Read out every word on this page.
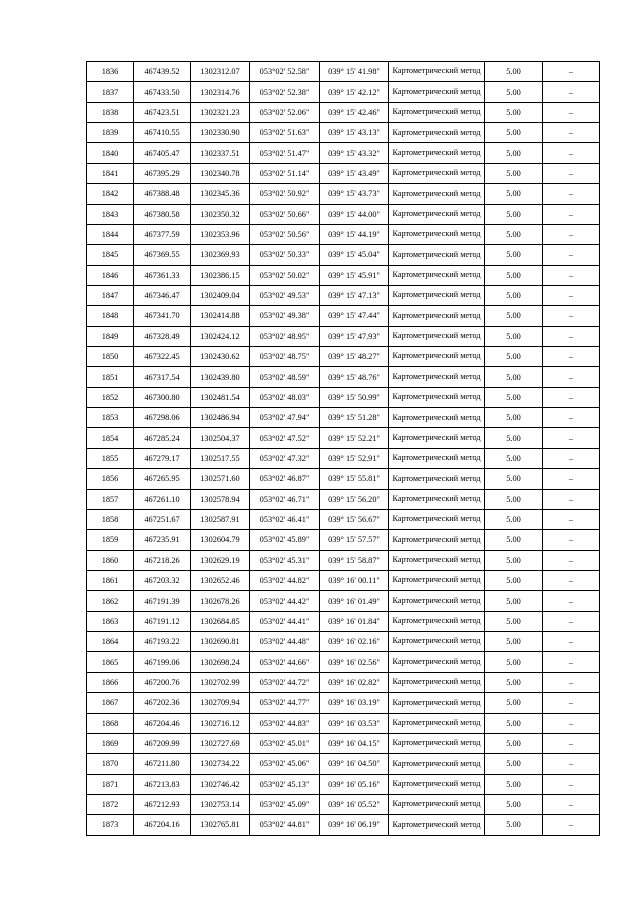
1836	467439.52	1302312.07	053°02' 52.58"	039° 15' 41.98"	Картометрический метод	5.00	–
1837	467433.50	1302314.76	053°02' 52.38"	039° 15' 42.12"	Картометрический метод	5.00	–
1838	467423.51	1302321.23	053°02' 52.06"	039° 15' 42.46"	Картометрический метод	5.00	–
1839	467410.55	1302330.90	053°02' 51.63"	039° 15' 43.13"	Картометрический метод	5.00	–
1840	467405.47	1302337.51	053°02' 51.47"	039° 15' 43.32"	Картометрический метод	5.00	–
1841	467395.29	1302340.78	053°02' 51.14"	039° 15' 43.49"	Картометрический метод	5.00	–
1842	467388.48	1302345.36	053°02' 50.92"	039° 15' 43.73"	Картометрический метод	5.00	–
1843	467380.58	1302350.32	053°02' 50.66"	039° 15' 44.00"	Картометрический метод	5.00	–
1844	467377.59	1302353.96	053°02' 50.56"	039° 15' 44.19"	Картометрический метод	5.00	–
1845	467369.55	1302369.93	053°02' 50.33"	039° 15' 45.04"	Картометрический метод	5.00	–
1846	467361.33	1302386.15	053°02' 50.02"	039° 15' 45.91"	Картометрический метод	5.00	–
1847	467346.47	1302409.04	053°02' 49.53"	039° 15' 47.13"	Картометрический метод	5.00	–
1848	467341.70	1302414.88	053°02' 49.38"	039° 15' 47.44"	Картометрический метод	5.00	–
1849	467328.49	1302424.12	053°02' 48.95"	039° 15' 47.93"	Картометрический метод	5.00	–
1850	467322.45	1302430.62	053°02' 48.75"	039° 15' 48.27"	Картометрический метод	5.00	–
1851	467317.54	1302439.80	053°02' 48.59"	039° 15' 48.76"	Картометрический метод	5.00	–
1852	467300.80	1302481.54	053°02' 48.03"	039° 15' 50.99"	Картометрический метод	5.00	–
1853	467298.06	1302486.94	053°02' 47.94"	039° 15' 51.28"	Картометрический метод	5.00	–
1854	467285.24	1302504.37	053°02' 47.52"	039° 15' 52.21"	Картометрический метод	5.00	–
1855	467279.17	1302517.55	053°02' 47.32"	039° 15' 52.91"	Картометрический метод	5.00	–
1856	467265.95	1302571.60	053°02' 46.87"	039° 15' 55.81"	Картометрический метод	5.00	–
1857	467261.10	1302578.94	053°02' 46.71"	039° 15' 56.20"	Картометрический метод	5.00	–
1858	467251.67	1302587.91	053°02' 46.41"	039° 15' 56.67"	Картометрический метод	5.00	–
1859	467235.91	1302604.79	053°02' 45.89"	039° 15' 57.57"	Картометрический метод	5.00	–
1860	467218.26	1302629.19	053°02' 45.31"	039° 15' 58.87"	Картометрический метод	5.00	–
1861	467203.32	1302652.46	053°02' 44.82"	039° 16' 00.11"	Картометрический метод	5.00	–
1862	467191.39	1302678.26	053°02' 44.42"	039° 16' 01.49"	Картометрический метод	5.00	–
1863	467191.12	1302684.85	053°02' 44.41"	039° 16' 01.84"	Картометрический метод	5.00	–
1864	467193.22	1302690.81	053°02' 44.48"	039° 16' 02.16"	Картометрический метод	5.00	–
1865	467199.06	1302698.24	053°02' 44.66"	039° 16' 02.56"	Картометрический метод	5.00	–
1866	467200.76	1302702.99	053°02' 44.72"	039° 16' 02.82"	Картометрический метод	5.00	–
1867	467202.36	1302709.94	053°02' 44.77"	039° 16' 03.19"	Картометрический метод	5.00	–
1868	467204.46	1302716.12	053°02' 44.83"	039° 16' 03.53"	Картометрический метод	5.00	–
1869	467209.99	1302727.69	053°02' 45.01"	039° 16' 04.15"	Картометрический метод	5.00	–
1870	467211.80	1302734.22	053°02' 45.06"	039° 16' 04.50"	Картометрический метод	5.00	–
1871	467213.83	1302746.42	053°02' 45.13"	039° 16' 05.16"	Картометрический метод	5.00	–
1872	467212.93	1302753.14	053°02' 45.09"	039° 16' 05.52"	Картометрический метод	5.00	–
1873	467204.16	1302765.81	053°02' 44.81"	039° 16' 06.19"	Картометрический метод	5.00	–
